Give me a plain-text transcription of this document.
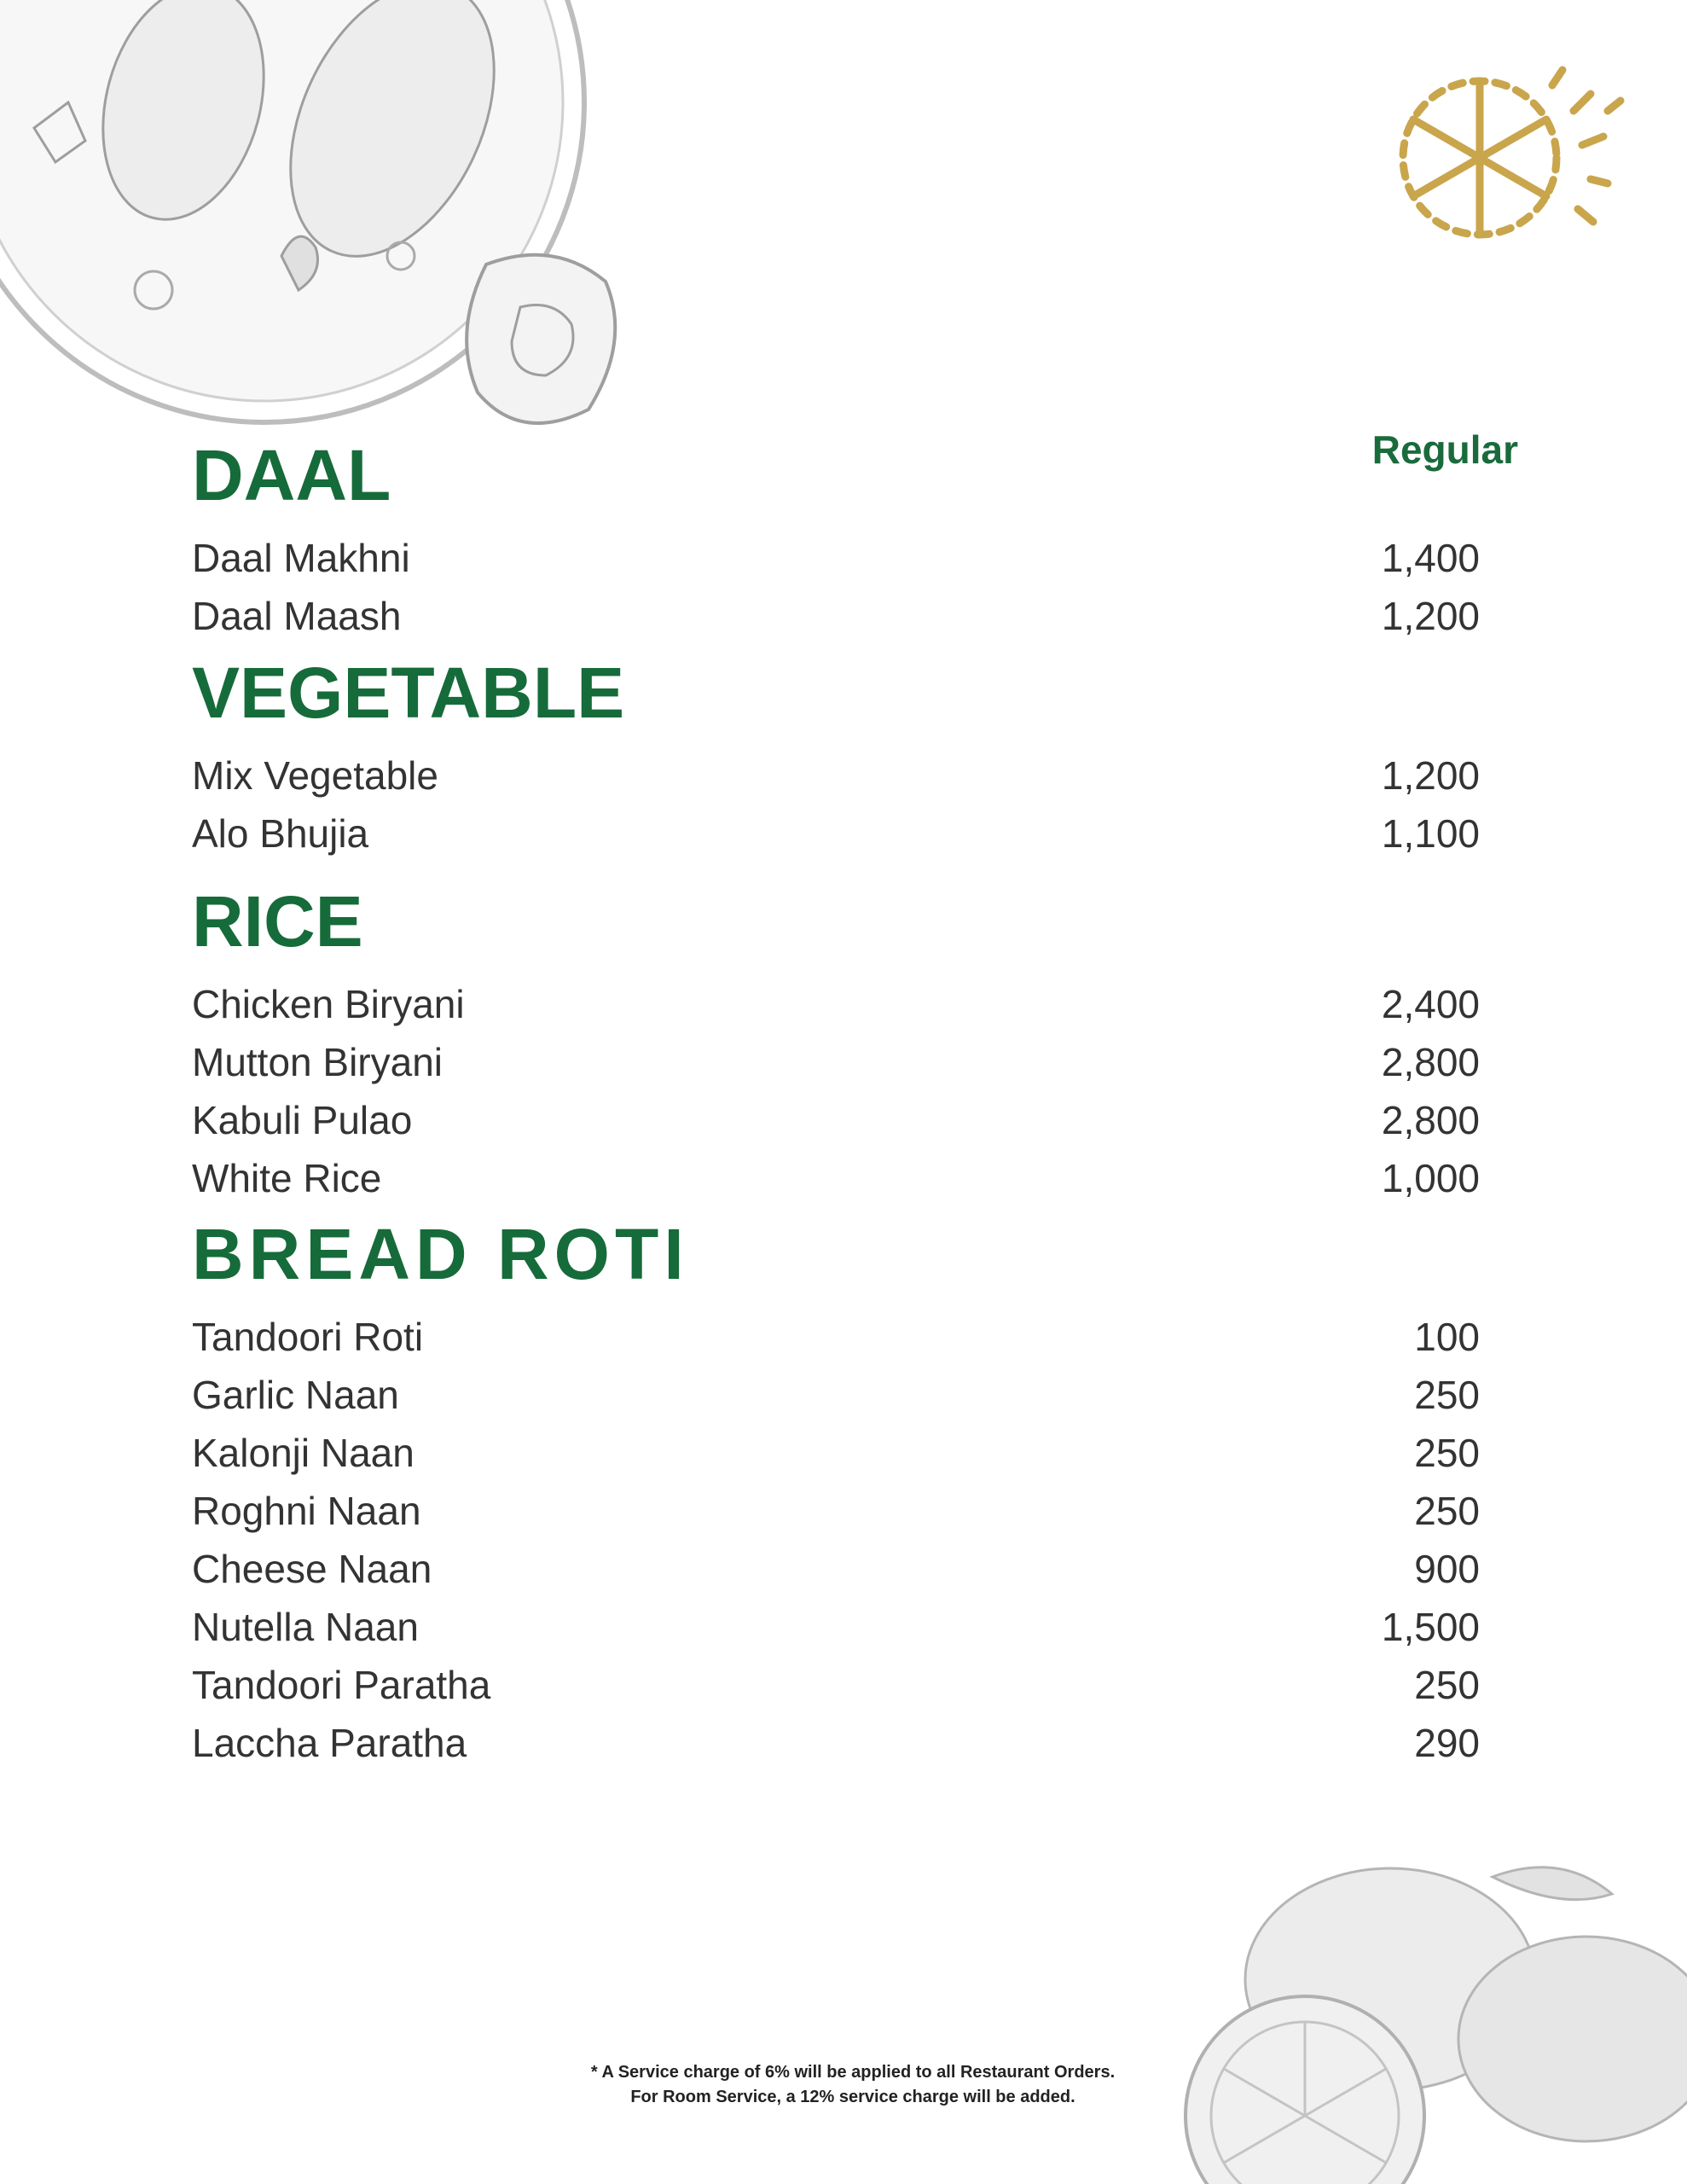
Regular
DAAL
Daal Makhni	1,400
Daal Maash	1,200
VEGETABLE
Mix Vegetable	1,200
Alo Bhujia	1,100
RICE
Chicken Biryani	2,400
Mutton Biryani	2,800
Kabuli Pulao	2,800
White Rice	1,000
BREAD ROTI
Tandoori Roti	100
Garlic Naan	250
Kalonji Naan	250
Roghni Naan	250
Cheese Naan	900
Nutella Naan	1,500
Tandoori Paratha	250
Laccha Paratha	290
* A Service charge of 6% will be applied to all Restaurant Orders.
For Room Service, a 12% service charge will be added.
